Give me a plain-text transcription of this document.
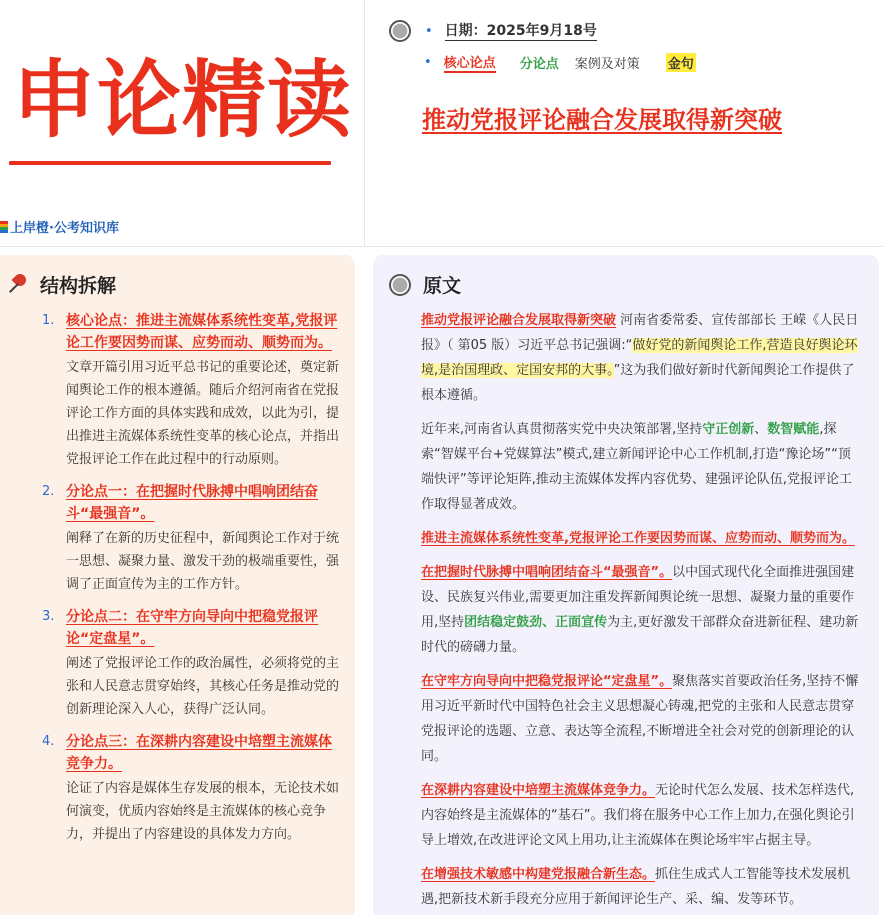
申论精读
上岸橙·公考知识库
• 日期：2025年9月18号
• 核心论点 分论点 案例及对策 金句
推动党报评论融合发展取得新突破
结构拆解
1. 核心论点：推进主流媒体系统性变革,党报评论工作要因势而谋、应势而动、顺势而为。
文章开篇引用习近平总书记的重要论述，奠定新闻舆论工作的根本遵循。随后介绍河南省在党报评论工作方面的具体实践和成效，以此为引，提出推进主流媒体系统性变革的核心论点，并指出党报评论工作在此过程中的行动原则。
2. 分论点一：在把握时代脉搏中唱响团结奋斗“最强音”。
阐释了在新的历史征程中，新闻舆论工作对于统一思想、凝聚力量、激发干劲的极端重要性，强调了正面宣传为主的工作方针。
3. 分论点二：在守牢方向导向中把稳党报评论“定盘星”。
阐述了党报评论工作的政治属性，必须将党的主张和人民意志贯穿始终，其核心任务是推动党的创新理论深入人心，获得广泛认同。
4. 分论点三：在深耕内容建设中培塑主流媒体竞争力。
论证了内容是媒体生存发展的根本，无论技术如何演变，优质内容始终是主流媒体的核心竞争力，并提出了内容建设的具体发力方向。
原文

推动党报评论融合发展取得新突破 河南省委常委、宣传部部长 王嵘《人民日报》（ 第05 版）习近平总书记强调:“做好党的新闻舆论工作,营造良好舆论环境,是治国理政、定国安邦的大事。”这为我们做好新时代新闻舆论工作提供了根本遵循。

近年来,河南省认真贯彻落实党中央决策部署,坚持守正创新、数智赋能,探索“智媒平台+党媒算法”模式,建立新闻评论中心工作机制,打造“豫论场”“顶端快评”等评论矩阵,推动主流媒体发挥内容优势、建强评论队伍,党报评论工作取得显著成效。

推进主流媒体系统性变革,党报评论工作要因势而谋、应势而动、顺势而为。

在把握时代脉搏中唱响团结奋斗“最强音”。以中国式现代化全面推进强国建设、民族复兴伟业,需要更加注重发挥新闻舆论统一思想、凝聚力量的重要作用,坚持团结稳定鼓劲、正面宣传为主,更好激发干部群众奋进新征程、建功新时代的磅礴力量。

在守牢方向导向中把稳党报评论“定盘星”。聚焦落实首要政治任务,坚持不懈用习近平新时代中国特色社会主义思想凝心铸魂,把党的主张和人民意志贯穿党报评论的选题、立意、表达等全流程,不断增进全社会对党的创新理论的认同。

在深耕内容建设中培塑主流媒体竞争力。无论时代怎么发展、技术怎样迭代,内容始终是主流媒体的“基石”。我们将在服务中心工作上加力,在强化舆论引导上增效,在改进评论文风上用功,让主流媒体在舆论场牢牢占据主导。

在增强技术敏感中构建党报融合新生态。抓住生成式人工智能等技术发展机遇,把新技术新手段充分应用于新闻评论生产、采、编、发等环节。
